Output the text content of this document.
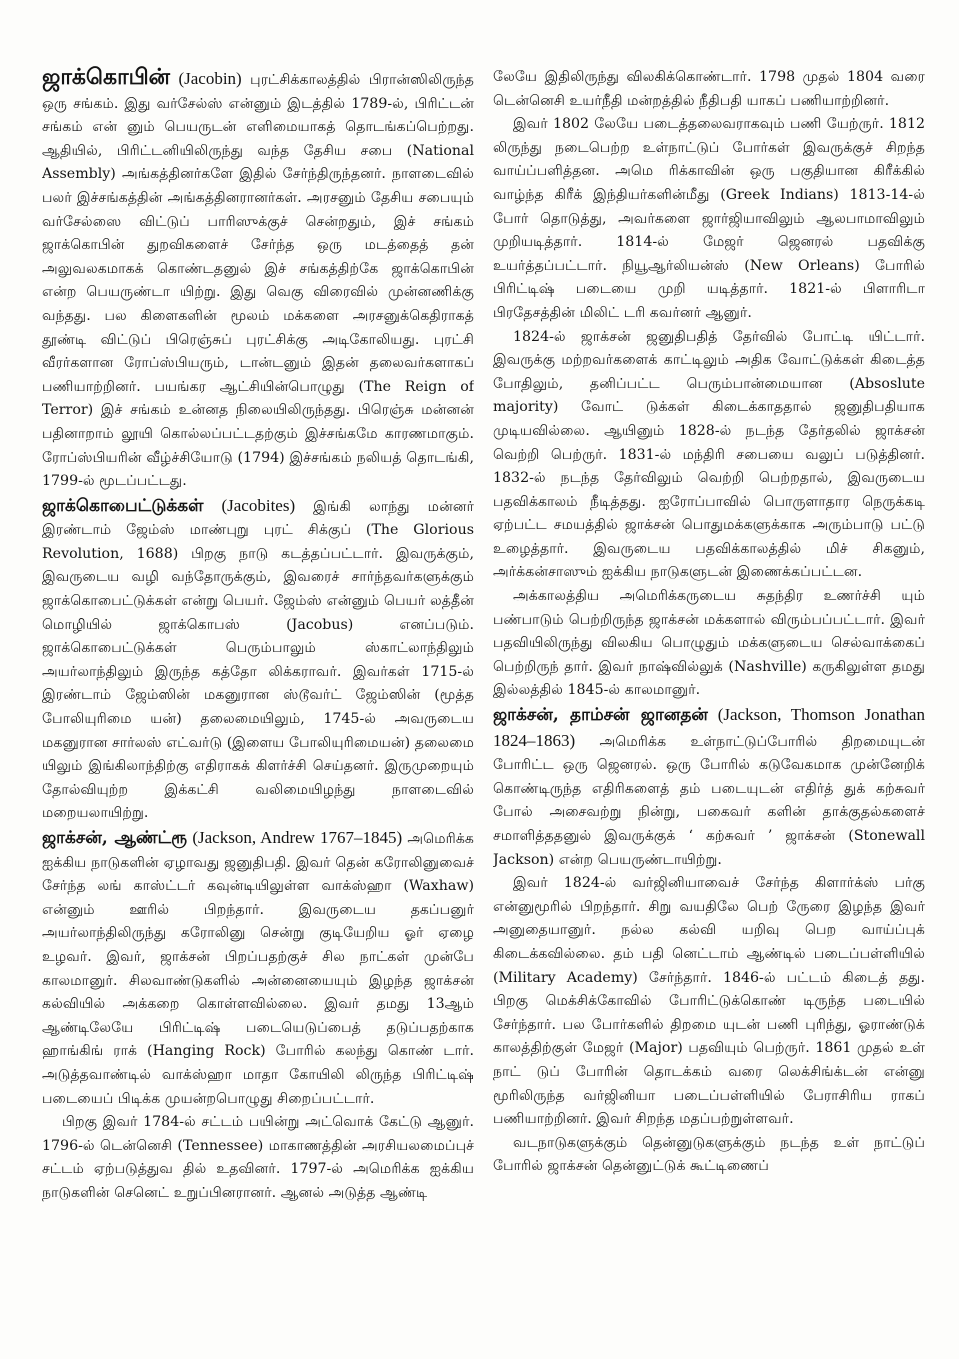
ஜாக்கொபின் (Jacobin) புரட்சிக்காலத்தில் பிரான்ஸிலிருந்த ஒரு சங்கம். இது வர்சேல்ஸ் என்னும் இடத்தில் 1789-ல், பிரிட்டன் சங்கம் என் னும் பெயருடன் எளிமையாகத் தொடங்கப்பெற்றது. ஆதியில், பிரிட்டனியிலிருந்து வந்த தேசிய சபை (National Assembly) அங்கத்தினர்களே இதில் சேர்ந்திருந்தனர். நாளடைவில் பலர் இச்சங்கத்தின் அங்கத்தினரானர்கள். அரசனும் தேசிய சபையும் வர்சேல்ஸை விட்டுப் பாரிஸுக்குச் சென்றதும், இச் சங்கம் ஜாக்கொபின் துறவிகளைச் சேர்ந்த ஒரு மடத்தைத் தன் அலுவலகமாகக் கொண்டதனுல் இச் சங்கத்திற்கே ஜாக்கொபின் என்ற பெயருண்டா யிற்று. இது வெகு விரைவில் முன்னணிக்கு வந்தது. பல கிளைகளின் மூலம் மக்களை அரசனுக்கெதிராகத் தூண்டி விட்டுப் பிரெஞ்சுப் புரட்சிக்கு அடிகோலியது. புரட்சி வீரர்களான ரோப்ஸ்பியரும், டான்டனும் இதன் தலைவர்களாகப் பணியாற்றினர். பயங்கர ஆட்சியின்பொழுது (The Reign of Terror) இச் சங்கம் உன்னத நிலையிலிருந்தது. பிரெஞ்சு மன்னன் பதினாறாம் லூயி கொல்லப்பட்டதற்கும் இச்சங்கமே காரணமாகும். ரோப்ஸ்பியரின் வீழ்ச்சியோடு (1794) இச்சங்கம் நலியத் தொடங்கி, 1799-ல் மூடப்பட்டது.

ஜாக்கொபைட்டுக்கள் (Jacobites) இங்கி லாந்து மன்னர் இரண்டாம் ஜேம்ஸ் மாண்புறு புரட் சிக்குப் (The Glorious Revolution, 1688) பிறகு நாடு கடத்தப்பட்டார். இவருக்கும், இவருடைய வழி வந்தோருக்கும், இவரைச் சார்ந்தவர்களுக்கும் ஜாக்கொபைட்டுக்கள் என்று பெயர். ஜேம்ஸ் என்னும் பெயர் லத்தீன் மொழியில் ஜாக்கொபஸ் (Jacobus) எனப்படும். ஜாக்கொபைட்டுக்கள் பெரும்பாலும் ஸ்காட்லாந்திலும் அயர்லாந்திலும் இருந்த கத்தோ லிக்கராவர். இவர்கள் 1715-ல் இரண்டாம் ஜேம்ஸின் மகனுரான ஸ்டூவர்ட் ஜேம்ஸின் (மூத்த போலியுரிமை யன்) தலைமையிலும், 1745-ல் அவருடைய மகனுரான சார்லஸ் எட்வர்டு (இளைய போலியுரிமையன்) தலைமை யிலும் இங்கிலாந்திற்கு எதிராகக் கிளர்ச்சி செய்தனர். இருமுறையும் தோல்வியுற்ற இக்கட்சி வலிமையிழந்து நாளடைவில் மறையலாயிற்று.

ஜாக்சன், ஆண்ட்ரூ (Jackson, Andrew 1767–1845) அமெரிக்க ஐக்கிய நாடுகளின் ஏழாவது ஜனுதிபதி. இவர் தென் கரோலினுவைச் சேர்ந்த லங் காஸ்ட்டர் கவுன்டியிலுள்ள வாக்ஸ்ஹா (Waxhaw) என்னும் ஊரில் பிறந்தார். இவருடைய தகப்பனுர் அயர்லாந்திலிருந்து கரோலினு சென்று குடியேறிய ஓர் ஏழை உழவர். இவர், ஜாக்சன் பிறப்பதற்குச் சில நாட்கள் முன்பே காலமானுர். சிலவாண்டுகளில் அன்னையையும் இழந்த ஜாக்சன் கல்வியில் அக்கறை கொள்ளவில்லை. இவர் தமது 13ஆம் ஆண்டிலேயே பிரிட்டிஷ் படையெடுப்பைத் தடுப்பதற்காக ஹாங்கிங் ராக் (Hanging Rock) போரில் கலந்து கொண் டார். அடுத்தவாண்டில் வாக்ஸ்ஹா மாதா கோயிலி லிருந்த பிரிட்டிஷ் படையைப் பிடிக்க முயன்றபொழுது சிறைப்பட்டார்.

பிறகு இவர் 1784-ல் சட்டம் பயின்று அட்வொக் கேட்டு ஆனுர். 1796-ல் டென்னெசி (Tennessee) மாகாணத்தின் அரசியலமைப்புச் சட்டம் ஏற்படுத்துவ தில் உதவினர். 1797-ல் அமெரிக்க ஐக்கிய நாடுகளின் செனெட் உறுப்பினரானர். ஆனல் அடுத்த ஆண்டி

லேயே இதிலிருந்து விலகிக்கொண்டார். 1798 முதல் 1804 வரை டென்னெசி உயர்நீதி மன்றத்தில் நீதிபதி யாகப் பணியாற்றினர்.

இவர் 1802 லேயே படைத்தலைவராகவும் பணி யேற்ருர். 1812 லிருந்து நடைபெற்ற உள்நாட்டுப் போர்கள் இவருக்குச் சிறந்த வாய்ப்பளித்தன. அமெ ரிக்காவின் ஒரு பகுதியான கிரீக்கில் வாழ்ந்த கிரீக் இந்தியர்களின்மீது (Greek Indians) 1813-14-ல் போர் தொடுத்து, அவர்களை ஜார்ஜியாவிலும் ஆலபாமாவிலும் முறியடித்தார். 1814-ல் மேஜர் ஜெனரல் பதவிக்கு உயர்த்தப்பட்டார். நியூஆர்லியன்ஸ் (New Orleans) போரில் பிரிட்டிஷ் படையை முறி யடித்தார். 1821-ல் பிளாரிடா பிரதேசத்தின் மிலிட் டரி கவர்னர் ஆனுர்.

1824-ல் ஜாக்சன் ஜனுதிபதித் தேர்வில் போட்டி யிட்டார். இவருக்கு மற்றவர்களைக் காட்டிலும் அதிக வோட்டுக்கள் கிடைத்த போதிலும், தனிப்பட்ட பெரும்பான்மையான (Absoslute majority) வோட் டுக்கள் கிடைக்காததால் ஜனுதிபதியாக முடியவில்லை. ஆயினும் 1828-ல் நடந்த தேர்தலில் ஜாக்சன் வெற்றி பெற்ருர். 1831-ல் மந்திரி சபையை வலுப் படுத்தினர். 1832-ல் நடந்த தேர்விலும் வெற்றி பெற்றதால், இவருடைய பதவிக்காலம் நீடித்தது. ஐரோப்பாவில் பொருளாதார நெருக்கடி ஏற்பட்ட சமயத்தில் ஜாக்சன் பொதுமக்களுக்காக அரும்பாடு பட்டு உழைத்தார். இவருடைய பதவிக்காலத்தில் மிச் சிகனும், அர்க்கன்சாஸும் ஐக்கிய நாடுகளுடன் இணைக்கப்பட்டன.

அக்காலத்திய அமெரிக்கருடைய சுதந்திர உணர்ச்சி யும் பண்பாடும் பெற்றிருந்த ஜாக்சன் மக்களால் விரும்பப்பட்டார். இவர் பதவியிலிருந்து விலகிய பொழுதும் மக்களுடைய செல்வாக்கைப் பெற்றிருந் தார். இவர் நாஷ்வில்லுக் (Nashville) கருகிலுள்ள தமது இல்லத்தில் 1845-ல் காலமானுர்.

ஜாக்சன், தாம்சன் ஜானதன் (Jackson, Thomson Jonathan 1824–1863) அமெரிக்க உள்நாட்டுப்போரில் திறமையுடன் போரிட்ட ஒரு ஜெனரல். ஒரு போரில் கடுவேகமாக முன்னேறிக் கொண்டிருந்த எதிரிகளைத் தம் படையுடன் எதிர்த் துக் கற்சுவர் போல் அசைவற்று நின்று, பகைவர் களின் தாக்குதல்களைச் சமாளித்ததனுல் இவருக்குக் ‘ கற்சுவர் ’ ஜாக்சன் (Stonewall Jackson) என்ற பெயருண்டாயிற்று.

இவர் 1824-ல் வர்ஜினியாவைச் சேர்ந்த கிளார்க்ஸ் பர்கு என்னுமூரில் பிறந்தார். சிறு வயதிலே பெற் ருேரை இழந்த இவர் அனுதையானுர். நல்ல கல்வி யறிவு பெற வாய்ப்புக் கிடைக்கவில்லை. தம் பதி னெட்டாம் ஆண்டில் படைப்பள்ளியில் (Military Academy) சேர்ந்தார். 1846-ல் பட்டம் கிடைத் தது. பிறகு மெக்சிக்கோவில் போரிட்டுக்கொண் டிருந்த படையில் சேர்ந்தார். பல போர்களில் திறமை யுடன் பணி புரிந்து, ஓராண்டுக் காலத்திற்குள் மேஜர் (Major) பதவியும் பெற்ருர். 1861 முதல் உள் நாட் டுப் போரின் தொடக்கம் வரை லெக்சிங்க்டன் என்னு மூரிலிருந்த வர்ஜினியா படைப்பள்ளியில் பேராசிரிய ராகப் பணியாற்றினர். இவர் சிறந்த மதப்பற்றுள்ளவர்.

வடநாடுகளுக்கும் தென்னுடுகளுக்கும் நடந்த உள் நாட்டுப் போரில் ஜாக்சன் தென்னுட்டுக் கூட்டிணைப்
